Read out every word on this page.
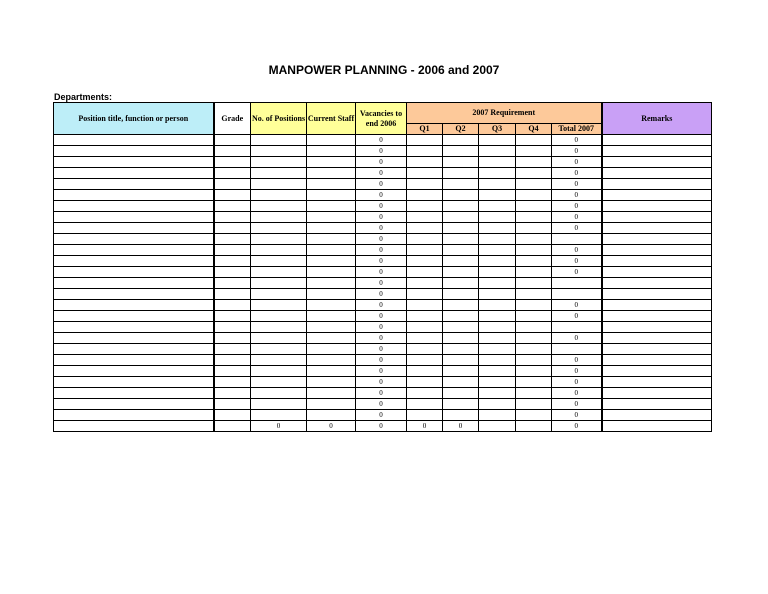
MANPOWER PLANNING - 2006 and 2007
Departments:
Position title, function or person	Grade	No. of Positions	Current Staff	Vacancies to end 2006	2007 Requirement					Remarks
					Q1	Q2	Q3	Q4	Total 2007	
				0					0	
				0					0	
				0					0	
				0					0	
				0					0	
				0					0	
				0					0	
				0					0	
				0					0	
				0						
				0					0	
				0					0	
				0					0	
				0						
				0						
				0					0	
				0					0	
				0						
				0					0	
				0						
				0					0	
				0					0	
				0					0	
				0					0	
				0					0	
				0					0	
		0	0	0	0	0			0	
